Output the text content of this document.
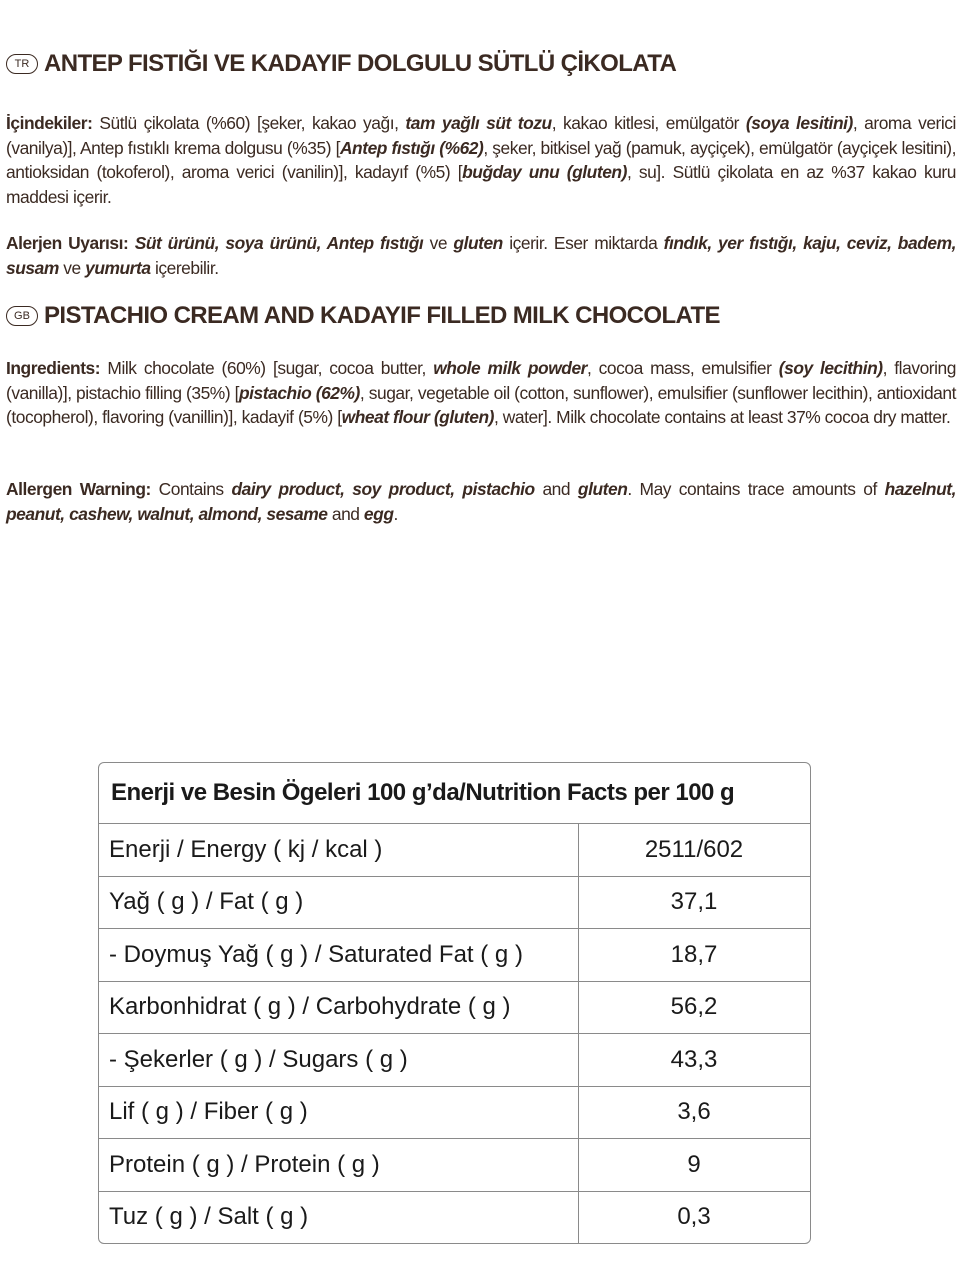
TR ANTEP FISTIĞI VE KADAYIF DOLGULU SÜTLÜ ÇİKOLATA
İçindekiler: Sütlü çikolata (%60) [şeker, kakao yağı, tam yağlı süt tozu, kakao kitlesi, emülgatör (soya lesitini), aroma verici (vanilya)], Antep fıstıklı krema dolgusu (%35) [Antep fıstığı (%62), şeker, bitkisel yağ (pamuk, ayçiçek), emülgatör (ayçiçek lesitini), antioksidan (tokoferol), aroma verici (vanilin)], kadayıf (%5) [buğday unu (gluten), su]. Sütlü çikolata en az %37 kakao kuru maddesi içerir.
Alerjen Uyarısı: Süt ürünü, soya ürünü, Antep fıstığı ve gluten içerir. Eser miktarda fındık, yer fıstığı, kaju, ceviz, badem, susam ve yumurta içerebilir.
GB PISTACHIO CREAM AND KADAYIF FILLED MILK CHOCOLATE
Ingredients: Milk chocolate (60%) [sugar, cocoa butter, whole milk powder, cocoa mass, emulsifier (soy lecithin), flavoring (vanilla)], pistachio filling (35%) [pistachio (62%), sugar, vegetable oil (cotton, sunflower), emulsifier (sunflower lecithin), antioxidant (tocopherol), flavoring (vanillin)], kadayif (5%) [wheat flour (gluten), water]. Milk chocolate contains at least 37% cocoa dry matter.
Allergen Warning: Contains dairy product, soy product, pistachio and gluten. May contains trace amounts of hazelnut, peanut, cashew, walnut, almond, sesame and egg.
Enerji ve Besin Ögeleri 100 g’da/Nutrition Facts per 100 g	
Enerji / Energy ( kj / kcal )	2511/602
Yağ ( g ) / Fat ( g )	37,1
- Doymuş Yağ ( g ) / Saturated Fat ( g )	18,7
Karbonhidrat ( g ) / Carbohydrate ( g )	56,2
- Şekerler ( g ) / Sugars ( g )	43,3
Lif ( g ) / Fiber ( g )	3,6
Protein ( g ) / Protein ( g )	9
Tuz ( g ) / Salt ( g )	0,3
